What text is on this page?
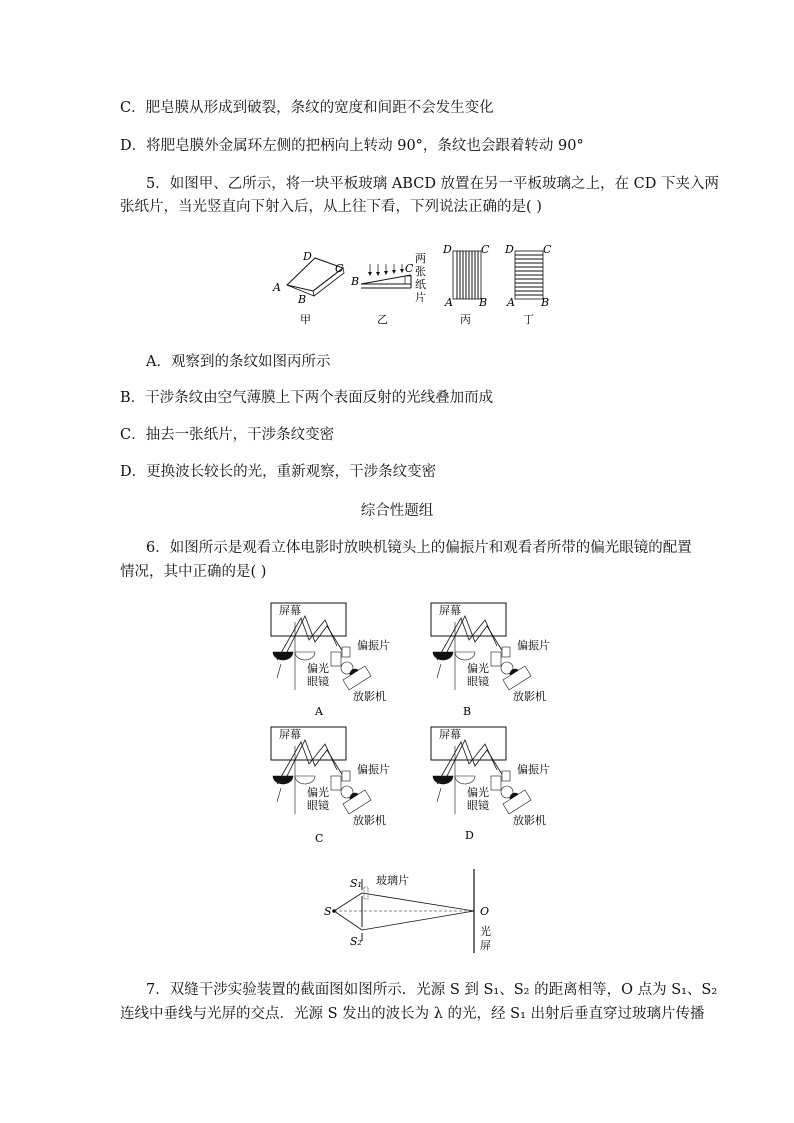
C．肥皂膜从形成到破裂，条纹的宽度和间距不会发生变化
D．将肥皂膜外金属环左侧的把柄向上转动 90°，条纹也会跟着转动 90°
5．如图甲、乙所示，将一块平板玻璃 ABCD 放置在另一平板玻璃之上，在 CD 下夹入两
张纸片，当光竖直向下射入后，从上往下看，下列说法正确的是( )
D
C
A
B
甲
B
C
两
张
纸
片
乙
D	C
A B
丙
D	C
A B
丁
A．观察到的条纹如图丙所示
B．干涉条纹由空气薄膜上下两个表面反射的光线叠加而成
C．抽去一张纸片，干涉条纹变密
D．更换波长较长的光，重新观察，干涉条纹变密
综合性题组
6．如图所示是观看立体电影时放映机镜头上的偏振片和观看者所带的偏光眼镜的配置
情况，其中正确的是( )
屏幕
偏振片
偏光
眼镜
放影机
A
屏幕
偏振片
偏光
眼镜
放影机
B
屏幕
偏振片
偏光
眼镜
放影机
C
屏幕
偏振片
偏光
眼镜
放影机
D
S
S₁
S₂
玻璃片
O
光
屏
7．双缝干涉实验装置的截面图如图所示．光源 S 到 S₁、S₂ 的距离相等，O 点为 S₁、S₂
连线中垂线与光屏的交点．光源 S 发出的波长为 λ 的光，经 S₁ 出射后垂直穿过玻璃片传播
